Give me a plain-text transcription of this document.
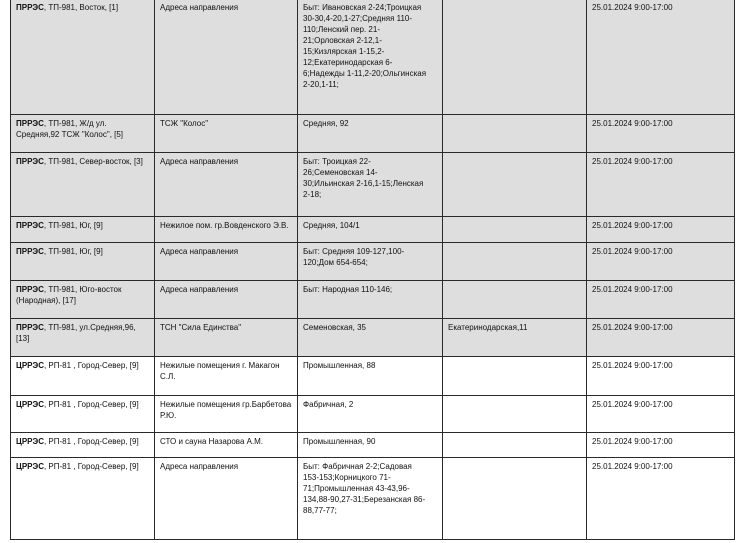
ПРРЭС, ТП-981, Восток, [1]	Адреса направления	Быт: Ивановская 2-24;Троицкая 30-30,4-20,1-27;Средняя 110-110;Ленский пер. 21-21;Орловская 2-12,1-15;Кизлярская 1-15,2-12;Екатеринодарская 6-6;Надежды 1-11,2-20;Ольгинская 2-20,1-11;		25.01.2024 9:00-17:00
ПРРЭС, ТП-981, Ж/д ул. Средняя,92 ТСЖ "Колос", [5]	ТСЖ "Колос"	Средняя, 92		25.01.2024 9:00-17:00
ПРРЭС, ТП-981, Север-восток, [3]	Адреса направления	Быт: Троицкая 22-26;Семеновская 14-30;Ильинская 2-16,1-15;Ленская 2-18;		25.01.2024 9:00-17:00
ПРРЭС, ТП-981, Юг, [9]	Нежилое пом. гр.Вовденского Э.В.	Средняя, 104/1		25.01.2024 9:00-17:00
ПРРЭС, ТП-981, Юг, [9]	Адреса направления	Быт: Средняя 109-127,100-120;Дом 654-654;		25.01.2024 9:00-17:00
ПРРЭС, ТП-981, Юго-восток (Народная), [17]	Адреса направления	Быт: Народная 110-146;		25.01.2024 9:00-17:00
ПРРЭС, ТП-981, ул.Средняя,96, [13]	ТСН "Сила Единства"	Семеновская, 35	Екатеринодарская,11	25.01.2024 9:00-17:00
ЦРРЭС, РП-81 , Город-Север, [9]	Нежилые помещения г. Макагон С.Л.	Промышленная, 88		25.01.2024 9:00-17:00
ЦРРЭС, РП-81 , Город-Север, [9]	Нежилые помещения гр.Барбетова Р.Ю.	Фабричная, 2		25.01.2024 9:00-17:00
ЦРРЭС, РП-81 , Город-Север, [9]	СТО и сауна Назарова А.М.	Промышленная, 90		25.01.2024 9:00-17:00
ЦРРЭС, РП-81 , Город-Север, [9]	Адреса направления	Быт: Фабричная 2-2;Садовая 153-153;Корницкого 71-71;Промышленная 43-43,96-134,88-90,27-31;Березанская 86-88,77-77;		25.01.2024 9:00-17:00
